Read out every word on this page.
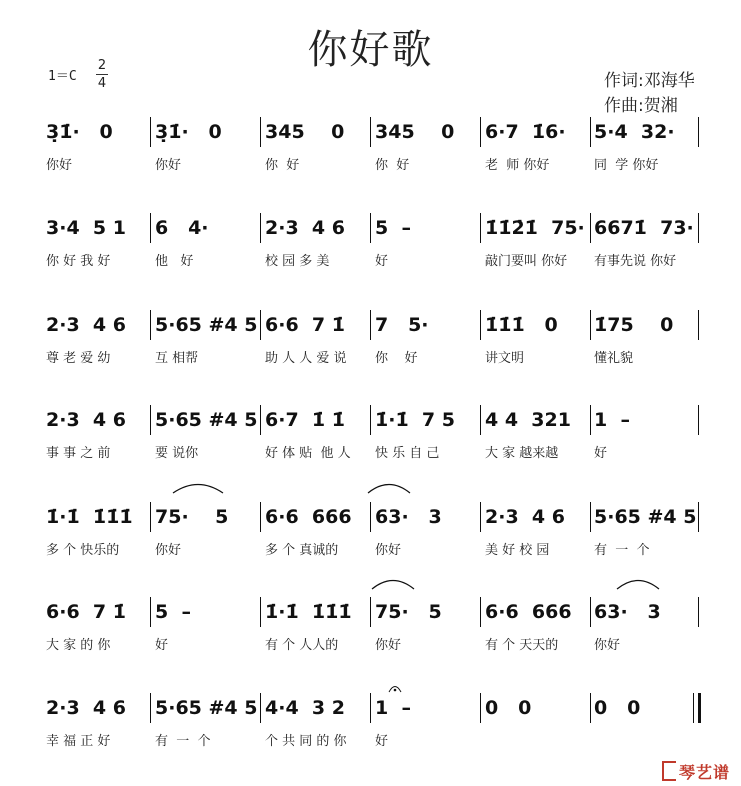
你好歌
1＝C
2
4	作词:邓海华
作曲:贺湘
3̣1̇·   0 3̣1̇·   0 345    0 345    0 6·7  1̇6· 5·4  32·
你好	你好	你  好	你  好	老  师 你好	同  学 你好
3·4  5 1 6   4·	2·3  4 6 5  –	1̇1̇2̇1̇  75· 6671̇  73·
你 好 我 好	他   好	校 园 多 美	好	敲门要叫 你好 有事先说 你好
2·3  4 6 5·65 #4 5 6·6  7 1̇ 7   5·	1̇1̇1̇   0 1̇75    0
尊 老 爱 幼	互 相帮	助 人 人 爱 说 你    好	讲文明	懂礼貌
2·3  4 6 5·65 #4 5 6·7  1̇ 1̇ 1̇·1̇  7 5 4 4  321 1  –
事 事 之 前	要 说你	好 体 贴  他 人 快 乐 自 己	大 家 越来越	好
1̇·1̇  1̇1̇1̇ 75·    5 6·6  666 63·   3 2·3  4 6 5·65 #4 5
多 个 快乐的	你好	多 个 真诚的	你好	美 好 校 园	有  一  个
6·6  7 1̇ 5  –	1̇·1̇  1̇1̇1̇ 75·   5 6·6  666 63·   3
大 家 的 你	好	有 个 人人的	你好	有 个 天天的	你好
2·3  4 6 5·65 #4 5 4·4  3 2 1  –	0   0	0   0
幸 福 正 好	有  一  个	个 共 同 的 你 好
琴艺谱
